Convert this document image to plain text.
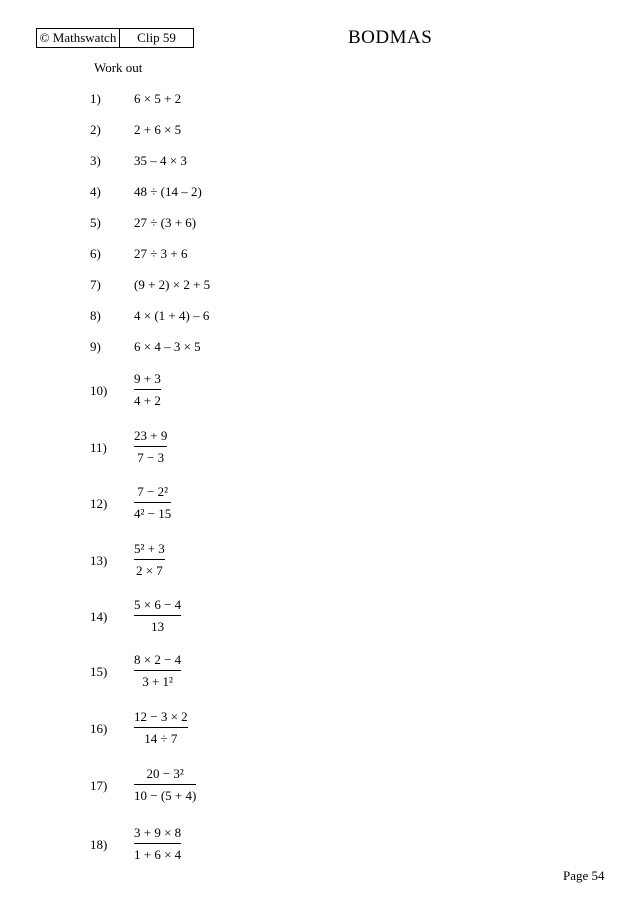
© Mathswatch	Clip 59	BODMAS
Work out
1)	6 × 5 + 2
2)	2 + 6 × 5
3)	35 – 4 × 3
4)	48 ÷ (14 – 2)
5)	27 ÷ (3 + 6)
6)	27 ÷ 3 + 6
7)	(9 + 2) × 2 + 5
8)	4 × (1 + 4) – 6
9)	6 × 4 – 3 × 5
10)
9 + 3
4 + 2
11)
23 + 9
7 − 3
12)
7 − 2²
4² − 15
13)
5² + 3
2 × 7
14)
5 × 6 − 4
13
15)
8 × 2 − 4
3 + 1²
16)
12 − 3 × 2
14 ÷ 7
17)
20 − 3²
10 − (5 + 4)
18)
3 + 9 × 8
1 + 6 × 4
Page 54
